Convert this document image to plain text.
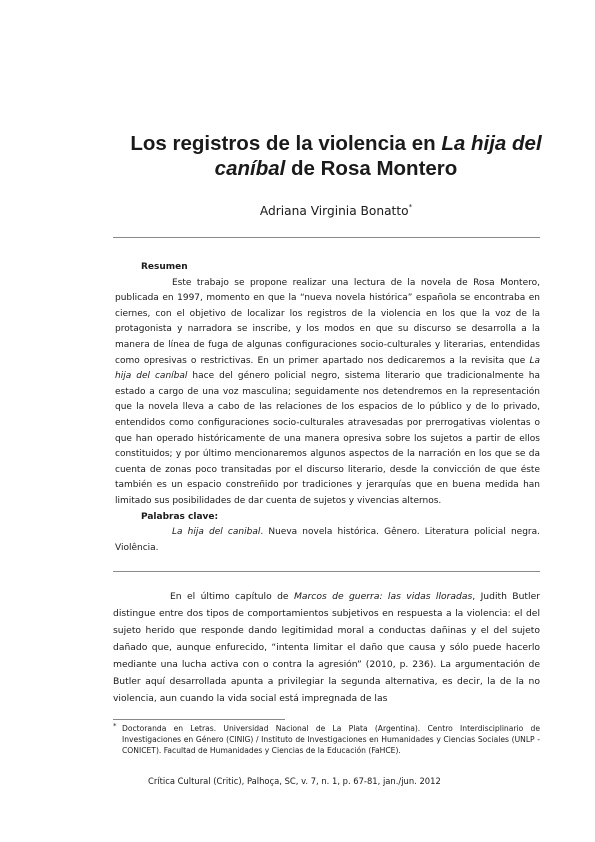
Los registros de la violencia en La hija del caníbal de Rosa Montero
Adriana Virginia Bonatto*
Resumen

Este trabajo se propone realizar una lectura de la novela de Rosa Montero, publicada en 1997, momento en que la “nueva novela histórica” española se encontraba en ciernes, con el objetivo de localizar los registros de la violencia en los que la voz de la protagonista y narradora se inscribe, y los modos en que su discurso se desarrolla a la manera de línea de fuga de algunas configuraciones socio-culturales y literarias, entendidas como opresivas o restrictivas. En un primer apartado nos dedicaremos a la revisita que La hija del caníbal hace del género policial negro, sistema literario que tradicionalmente ha estado a cargo de una voz masculina; seguidamente nos detendremos en la representación que la novela lleva a cabo de las relaciones de los espacios de lo público y de lo privado, entendidos como configuraciones socio-culturales atravesadas por prerrogativas violentas o que han operado históricamente de una manera opresiva sobre los sujetos a partir de ellos constituidos; y por último mencionaremos algunos aspectos de la narración en los que se da cuenta de zonas poco transitadas por el discurso literario, desde la convicción de que éste también es un espacio constreñido por tradiciones y jerarquías que en buena medida han limitado sus posibilidades de dar cuenta de sujetos y vivencias alternos.

Palabras clave:

La hija del canibal. Nueva novela histórica. Gênero. Literatura policial negra. Violência.

En el último capítulo de Marcos de guerra: las vidas lloradas, Judith Butler distingue entre dos tipos de comportamientos subjetivos en respuesta a la violencia: el del sujeto herido que responde dando legitimidad moral a conductas dañinas y el del sujeto dañado que, aunque enfurecido, “intenta limitar el daño que causa y sólo puede hacerlo mediante una lucha activa con o contra la agresión” (2010, p. 236). La argumentación de Butler aquí desarrollada apunta a privilegiar la segunda alternativa, es decir, la de la no violencia, aun cuando la vida social está impregnada de las

* Doctoranda en Letras. Universidad Nacional de La Plata (Argentina). Centro Interdisciplinario de Investigaciones en Género (CINIG) / Instituto de Investigaciones en Humanidades y Ciencias Sociales (UNLP - CONICET). Facultad de Humanidades y Ciencias de la Educación (FaHCE).
Crítica Cultural (Critic), Palhoça, SC, v. 7, n. 1, p. 67-81, jan./jun. 2012
